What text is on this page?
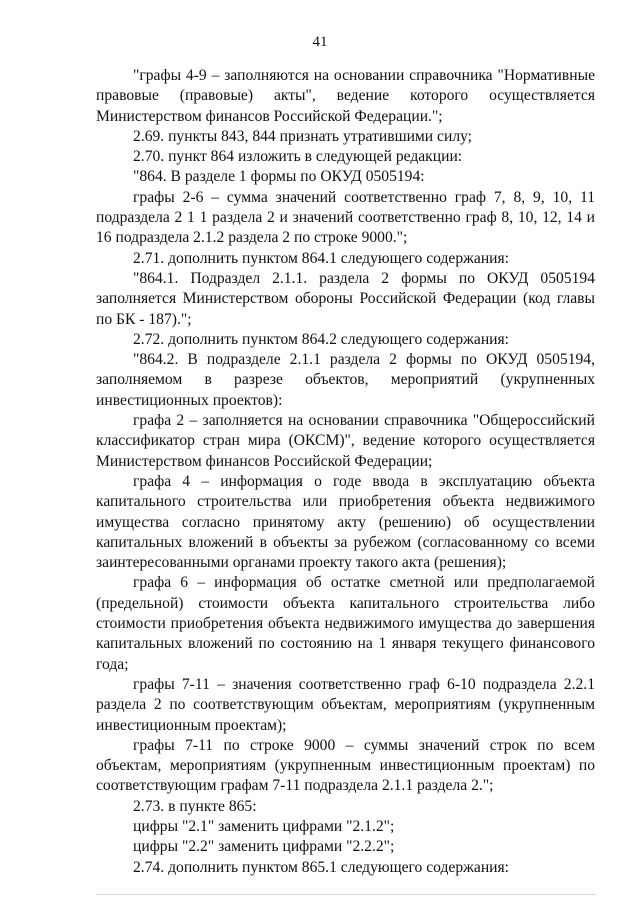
41

"графы 4-9 – заполняются на основании справочника "Нормативные правовые (правовые) акты", ведение которого осуществляется Министерством финансов Российской Федерации.";

2.69. пункты 843, 844 признать утратившими силу;

2.70. пункт 864 изложить в следующей редакции:

"864. В разделе 1 формы по ОКУД 0505194:

графы 2-6 – сумма значений соответственно граф 7, 8, 9, 10, 11 подраздела 2 1 1 раздела 2 и значений соответственно граф 8, 10, 12, 14 и 16 подраздела 2.1.2 раздела 2 по строке 9000.";

2.71. дополнить пунктом 864.1 следующего содержания:

"864.1. Подраздел 2.1.1. раздела 2 формы по ОКУД 0505194 заполняется Министерством обороны Российской Федерации (код главы по БК - 187).";

2.72. дополнить пунктом 864.2 следующего содержания:

"864.2. В подразделе 2.1.1 раздела 2 формы по ОКУД 0505194, заполняемом в разрезе объектов, мероприятий (укрупненных инвестиционных проектов):

графа 2 – заполняется на основании справочника "Общероссийский классификатор стран мира (ОКСМ)", ведение которого осуществляется Министерством финансов Российской Федерации;

графа 4 – информация о годе ввода в эксплуатацию объекта капитального строительства или приобретения объекта недвижимого имущества согласно принятому акту (решению) об осуществлении капитальных вложений в объекты за рубежом (согласованному со всеми заинтересованными органами проекту такого акта (решения);

графа 6 – информация об остатке сметной или предполагаемой (предельной) стоимости объекта капитального строительства либо стоимости приобретения объекта недвижимого имущества до завершения капитальных вложений по состоянию на 1 января текущего финансового года;

графы 7-11 – значения соответственно граф 6-10 подраздела 2.2.1 раздела 2 по соответствующим объектам, мероприятиям (укрупненным инвестиционным проектам);

графы 7-11 по строке 9000 – суммы значений строк по всем объектам, мероприятиям (укрупненным инвестиционным проектам) по соответствующим графам 7-11 подраздела 2.1.1 раздела 2.";

2.73. в пункте 865:

цифры "2.1" заменить цифрами "2.1.2";

цифры "2.2" заменить цифрами "2.2.2";

2.74. дополнить пунктом 865.1 следующего содержания:
